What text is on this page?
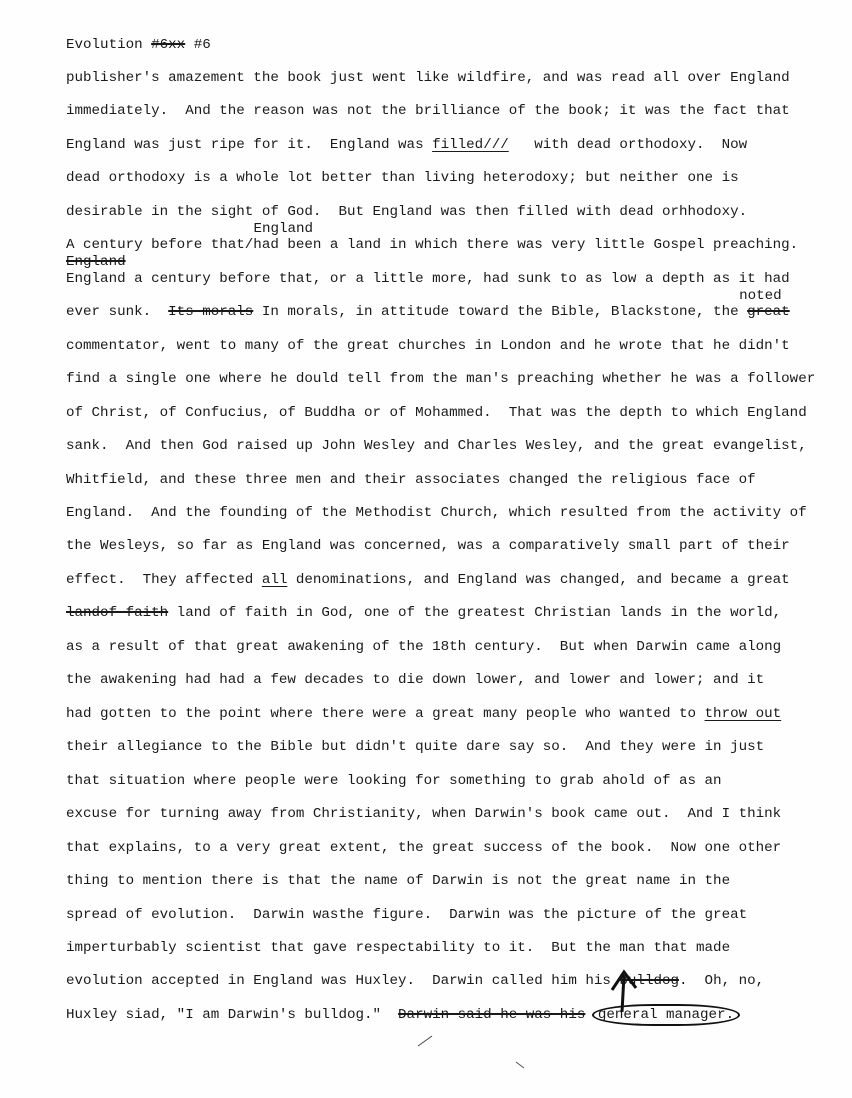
Evolution #6xx #6
publisher's amazement the book just went like wildfire, and was read all over England
immediately.  And the reason was not the brilliance of the book; it was the fact that
England was just ripe for it.  England was filled///   with dead orthodoxy.  Now
dead orthodoxy is a whole lot better than living heterodoxy; but neither one is
desirable in the sight of God.  But England was then filled with dead orhhodoxy.
England
A century before that/had been a land in which there was very little Gospel preaching.
England
England a century before that, or a little more, had sunk to as low a depth as it had
noted
ever sunk.  Its-morals In morals, in attitude toward the Bible, Blackstone, the great
commentator, went to many of the great churches in London and he wrote that he didn't
find a single one where he dould tell from the man's preaching whether he was a follower
of Christ, of Confucius, of Buddha or of Mohammed.  That was the depth to which England
sank.  And then God raised up John Wesley and Charles Wesley, and the great evangelist,
Whitfield, and these three men and their associates changed the religious face of
England.  And the founding of the Methodist Church, which resulted from the activity of
the Wesleys, so far as England was concerned, was a comparatively small part of their
effect.  They affected all denominations, and England was changed, and became a great
landof-faith land of faith in God, one of the greatest Christian lands in the world,
as a result of that great awakening of the 18th century.  But when Darwin came along
the awakening had had a few decades to die down lower, and lower and lower; and it
had gotten to the point where there were a great many people who wanted to throw out
their allegiance to the Bible but didn't quite dare say so.  And they were in just
that situation where people were looking for something to grab ahold of as an
excuse for turning away from Christianity, when Darwin's book came out.  And I think
that explains, to a very great extent, the great success of the book.  Now one other
thing to mention there is that the name of Darwin is not the great name in the
spread of evolution.  Darwin wasthe figure.  Darwin was the picture of the great
imperturbably scientist that gave respectability to it.  But the man that made
evolution accepted in England was Huxley.  Darwin called him his bulldog.  Oh, no,
Huxley siad, "I am Darwin's bulldog."  Darwin said he was his general manager.
